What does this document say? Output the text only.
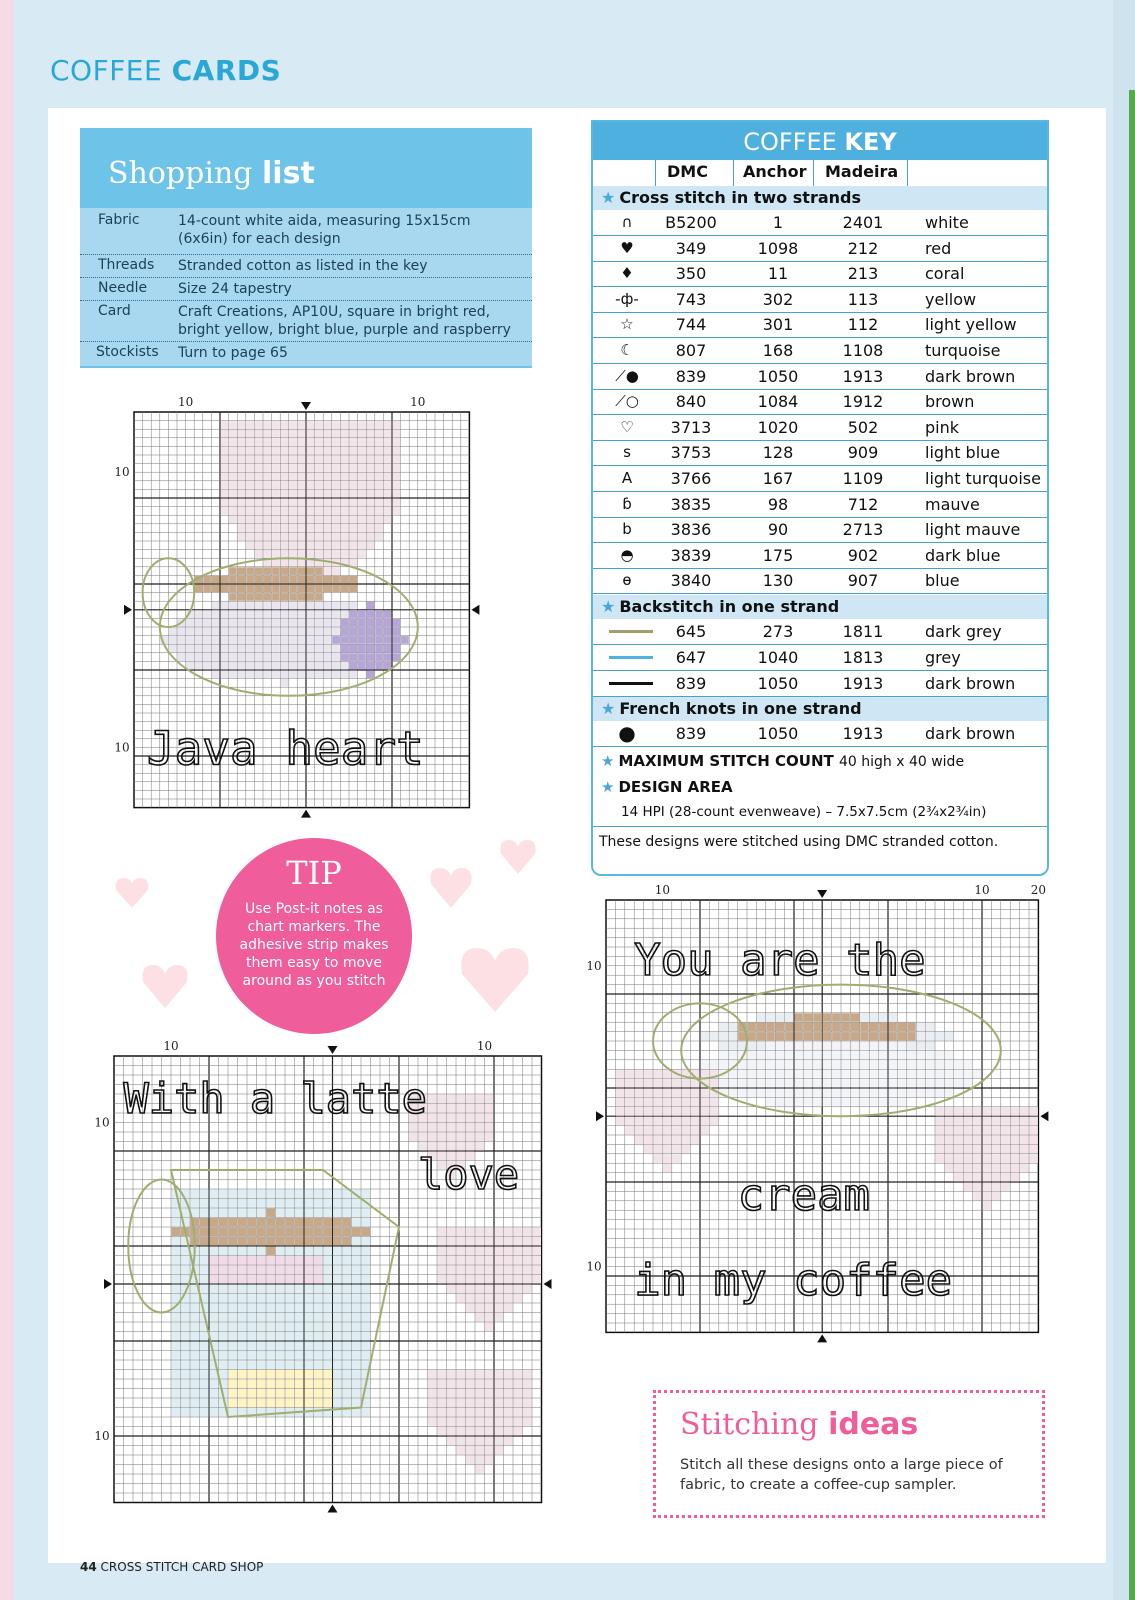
COFFEE CARDS
Shopping list
Fabric	14-count white aida, measuring 15x15cm (6x6in) for each design
Threads Stranded cotton as listed in the key
Needle Size 24 tapestry
Card	Craft Creations, AP10U, square in bright red, bright yellow, bright blue, purple and raspberry
Stockists Turn to page 65
COFFEE KEY
DMC Anchor Madeira
★ Cross stitch in two strands
∩	B5200	1	2401	white
♥	349	1098	212	red
♦	350	11	213	coral
-ф-	743	302	113	yellow
☆	744	301	112	light yellow
☾	807	168	1108	turquoise
⟋●	839	1050	1913	dark brown
⟋○	840	1084	1912	brown
♡	3713	1020	502	pink
s	3753	128	909	light blue
A	3766	167	1109	light turquoise
ɓ	3835	98	712	mauve
b	3836	90	2713	light mauve
◓	3839	175	902	dark blue
ɵ	3840	130	907	blue
★ Backstitch in one strand
645	273	1811	dark grey
647	1040	1813	grey
839	1050	1913	dark brown
★ French knots in one strand
●	839	1050	1913	dark brown
★ MAXIMUM STITCH COUNT 40 high x 40 wide
★ DESIGN AREA
14 HPI (28-count evenweave) – 7.5x7.5cm (2¾x2¾in)
These designs were stitched using DMC stranded cotton.
10	10
10
10 Java heart
10	10
10
10
With a latte
love
10	10	20
10
10
You are the
cream
in my coffee
TIP

Use Post-it notes as chart markers. The adhesive strip makes them easy to move around as you stitch

Stitching ideas

Stitch all these designs onto a large piece of fabric, to create a coffee-cup sampler.

44 CROSS STITCH CARD SHOP
